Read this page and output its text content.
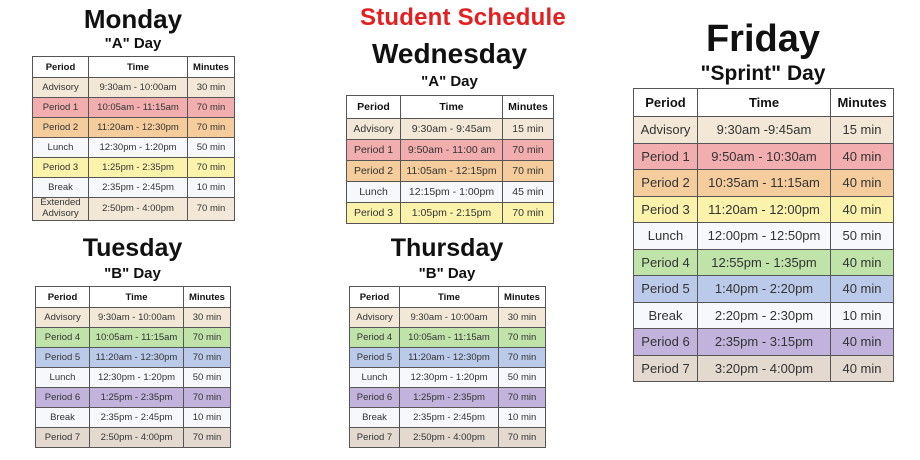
Student Schedule
Monday
"A" Day
Period	Time	Minutes
Advisory	9:30am - 10:00am	30 min
Period 1	10:05am - 11:15am	70 min
Period 2	11:20am - 12:30pm	70 min
Lunch	12:30pm - 1:20pm	50 min
Period 3	1:25pm - 2:35pm	70 min
Break	2:35pm - 2:45pm	10 min
Extended Advisory	2:50pm - 4:00pm	70 min
Tuesday
"B" Day
Period	Time	Minutes
Advisory	9:30am - 10:00am	30 min
Period 4	10:05am - 11:15am	70 min
Period 5	11:20am - 12:30pm	70 min
Lunch	12:30pm - 1:20pm	50 min
Period 6	1:25pm - 2:35pm	70 min
Break	2:35pm - 2:45pm	10 min
Period 7	2:50pm - 4:00pm	70 min
Wednesday
"A" Day
Period	Time	Minutes
Advisory	9:30am - 9:45am	15 min
Period 1	9:50am - 11:00 am	70 min
Period 2	11:05am - 12:15pm	70 min
Lunch	12:15pm - 1:00pm	45 min
Period 3	1:05pm - 2:15pm	70 min
Thursday
"B" Day
Period	Time	Minutes
Advisory	9:30am - 10:00am	30 min
Period 4	10:05am - 11:15am	70 min
Period 5	11:20am - 12:30pm	70 min
Lunch	12:30pm - 1:20pm	50 min
Period 6	1:25pm - 2:35pm	70 min
Break	2:35pm - 2:45pm	10 min
Period 7	2:50pm - 4:00pm	70 min
Friday
"Sprint" Day
Period	Time	Minutes
Advisory	9:30am -9:45am	15 min
Period 1	9:50am - 10:30am	40 min
Period 2	10:35am - 11:15am	40 min
Period 3	11:20am - 12:00pm	40 min
Lunch	12:00pm - 12:50pm	50 min
Period 4	12:55pm - 1:35pm	40 min
Period 5	1:40pm - 2:20pm	40 min
Break	2:20pm - 2:30pm	10 min
Period 6	2:35pm - 3:15pm	40 min
Period 7	3:20pm - 4:00pm	40 min
